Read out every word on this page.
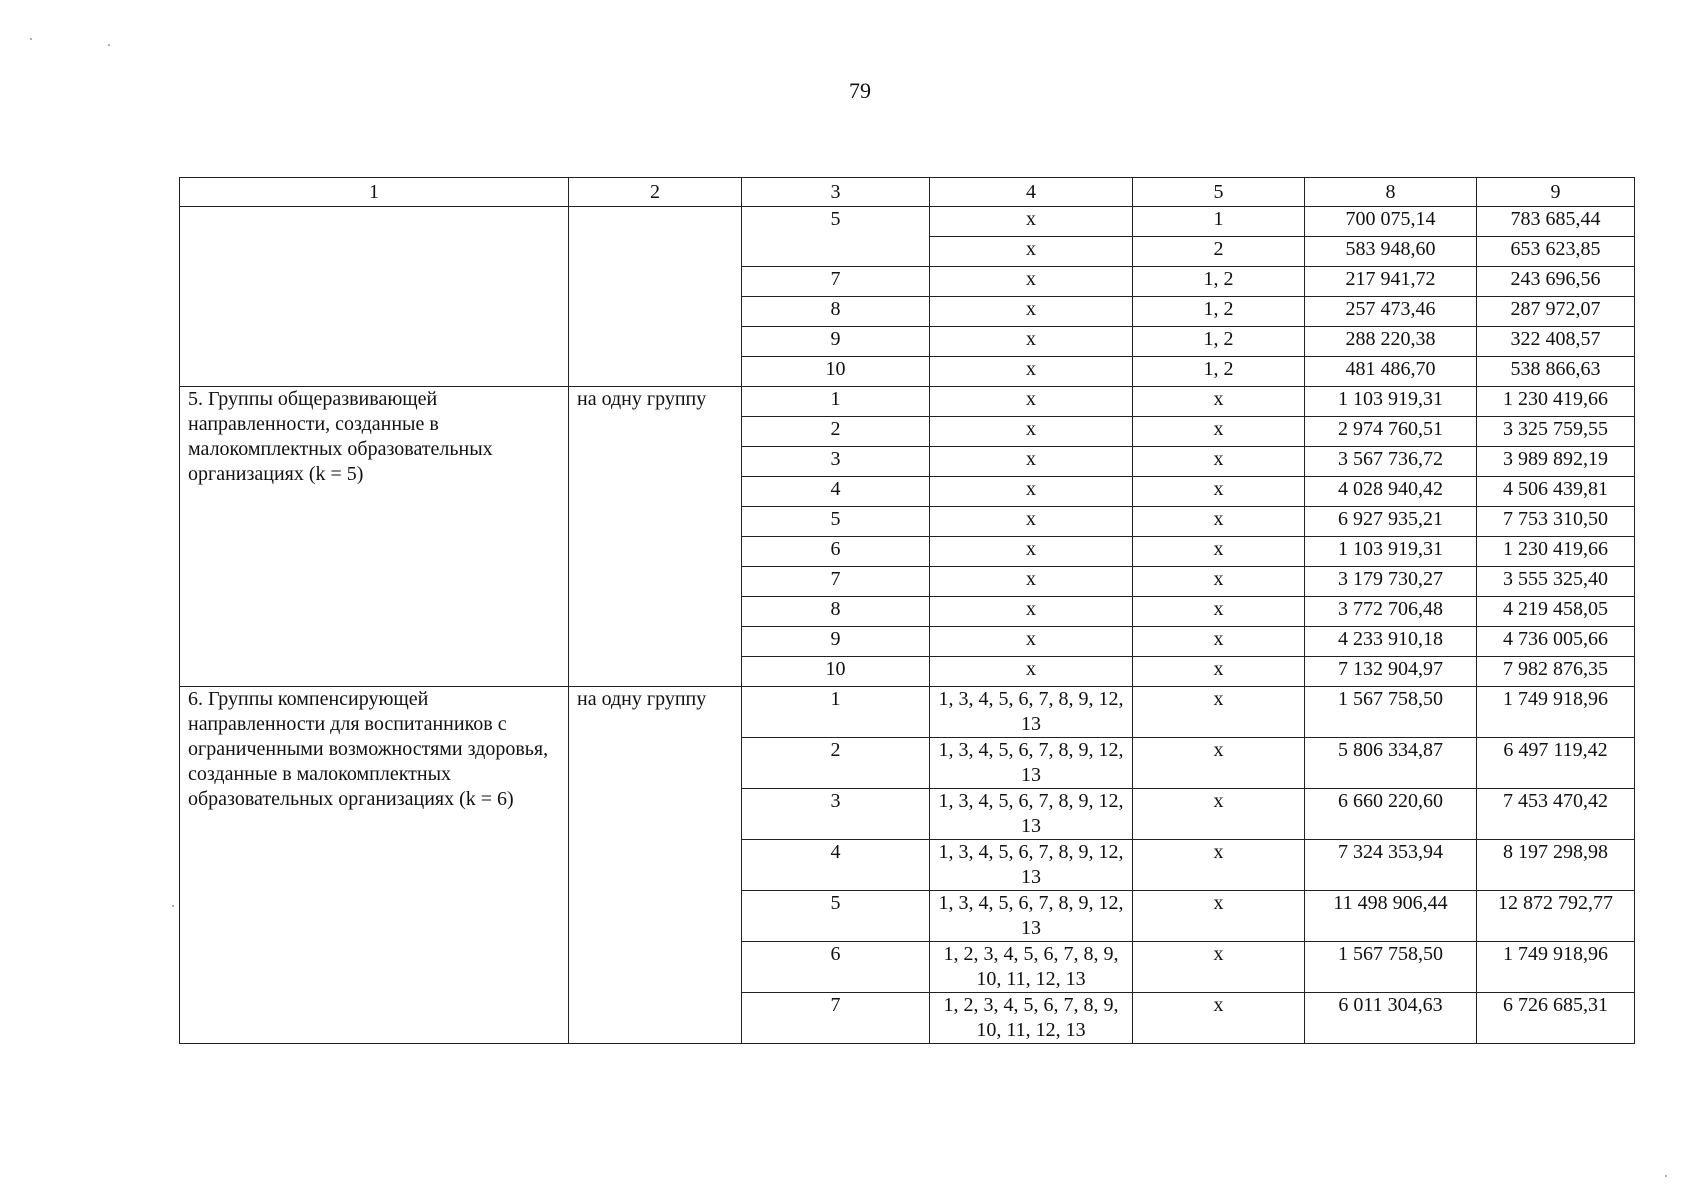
79
1	2	3	4	5	8	9
		5	x	1	700 075,14	783 685,44
			x	2	583 948,60	653 623,85
		7	x	1, 2	217 941,72	243 696,56
		8	x	1, 2	257 473,46	287 972,07
		9	x	1, 2	288 220,38	322 408,57
		10	x	1, 2	481 486,70	538 866,63
5. Группы общеразвивающей направленности, созданные в малокомплектных образовательных организациях (k = 5)	на одну группу	1	x	x	1 103 919,31	1 230 419,66
		2	x	x	2 974 760,51	3 325 759,55
		3	x	x	3 567 736,72	3 989 892,19
		4	x	x	4 028 940,42	4 506 439,81
		5	x	x	6 927 935,21	7 753 310,50
		6	x	x	1 103 919,31	1 230 419,66
		7	x	x	3 179 730,27	3 555 325,40
		8	x	x	3 772 706,48	4 219 458,05
		9	x	x	4 233 910,18	4 736 005,66
		10	x	x	7 132 904,97	7 982 876,35
6. Группы компенсирующей направленности для воспитанников с ограниченными возможностями здоровья, созданные в малокомплектных образовательных организациях (k = 6)	на одну группу	1	1, 3, 4, 5, 6, 7, 8, 9, 12, 13	x	1 567 758,50	1 749 918,96
		2	1, 3, 4, 5, 6, 7, 8, 9, 12, 13	x	5 806 334,87	6 497 119,42
		3	1, 3, 4, 5, 6, 7, 8, 9, 12, 13	x	6 660 220,60	7 453 470,42
		4	1, 3, 4, 5, 6, 7, 8, 9, 12, 13	x	7 324 353,94	8 197 298,98
		5	1, 3, 4, 5, 6, 7, 8, 9, 12, 13	x	11 498 906,44	12 872 792,77
		6	1, 2, 3, 4, 5, 6, 7, 8, 9, 10, 11, 12, 13	x	1 567 758,50	1 749 918,96
		7	1, 2, 3, 4, 5, 6, 7, 8, 9, 10, 11, 12, 13	x	6 011 304,63	6 726 685,31
